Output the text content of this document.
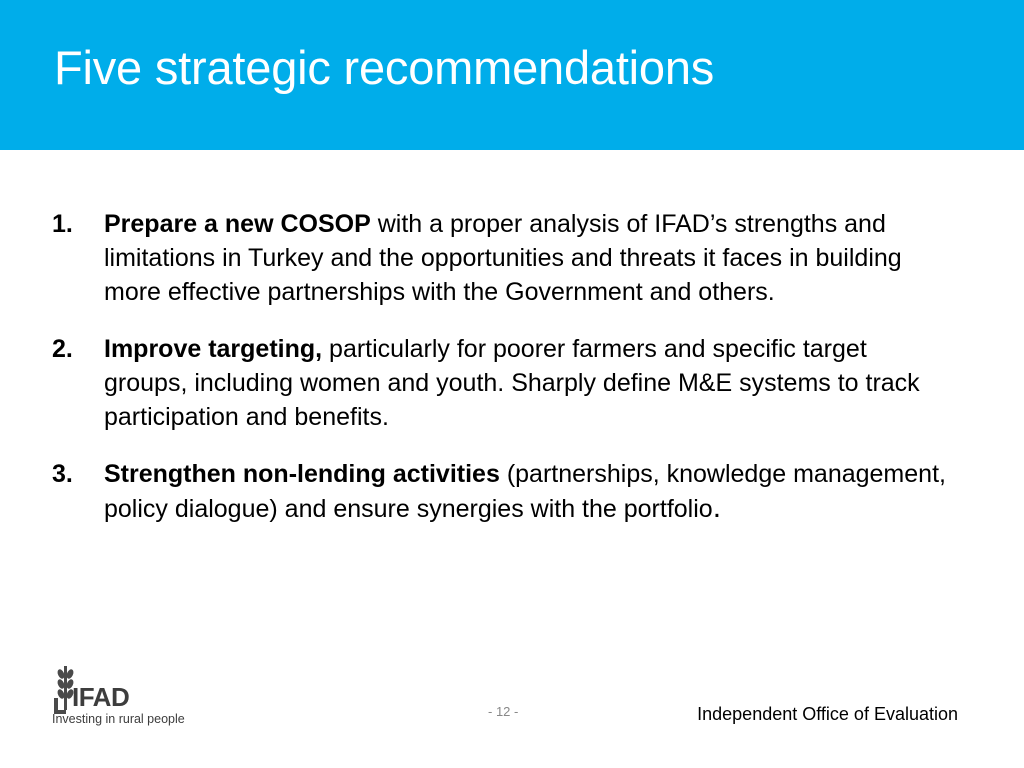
Five strategic recommendations
1.	Prepare a new COSOP with a proper analysis of IFAD’s strengths and limitations in Turkey and the opportunities and threats it faces in building more effective partnerships with the Government and others.
2.	Improve targeting, particularly for poorer farmers and specific target groups, including women and youth. Sharply define M&E systems to track participation and benefits.
3.	Strengthen non-lending activities (partnerships, knowledge management, policy dialogue) and ensure synergies with the portfolio.
IFAD
Investing in rural people	- 12 -	Independent Office of Evaluation
